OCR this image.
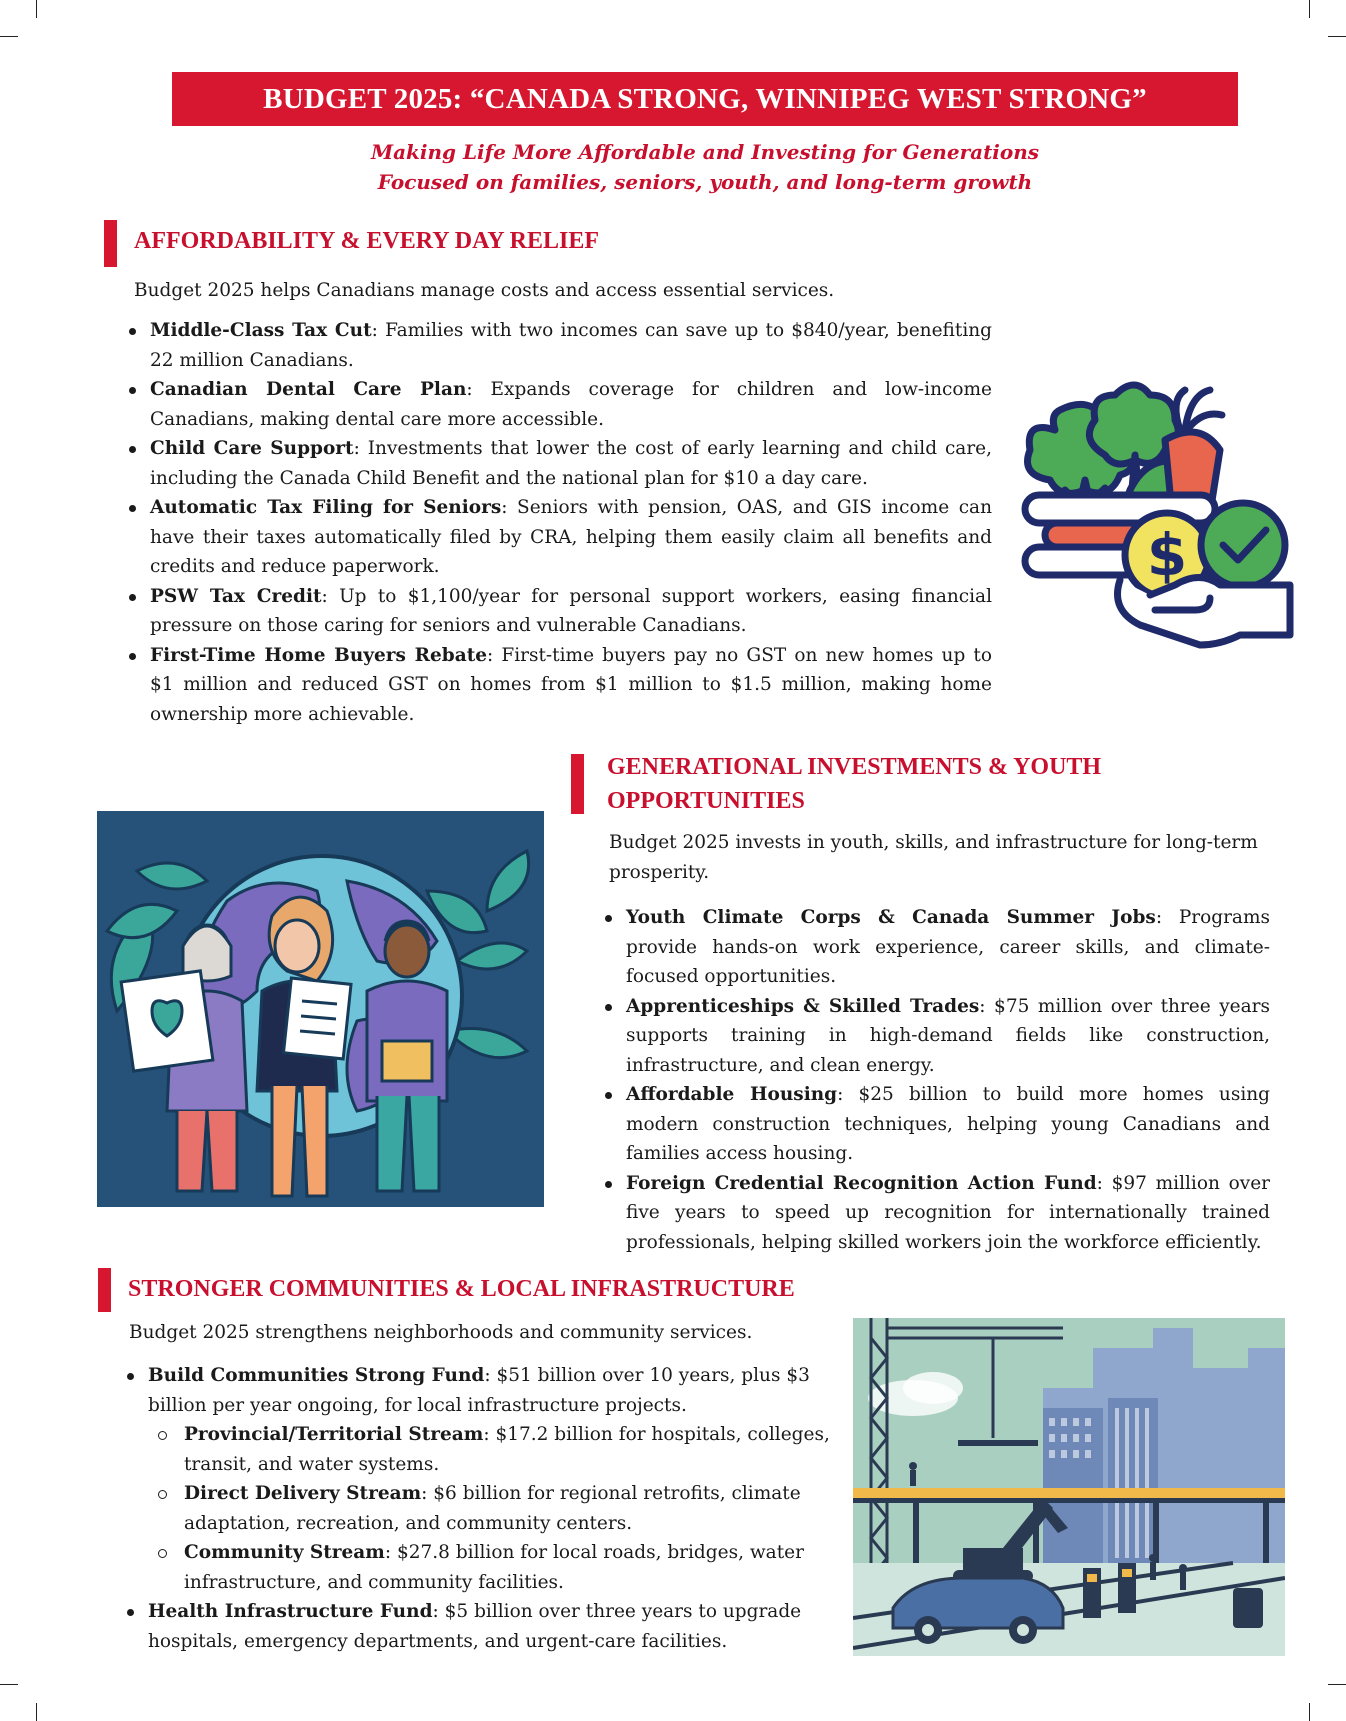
BUDGET 2025: “CANADA STRONG, WINNIPEG WEST STRONG”
Making Life More Affordable and Investing for Generations
Focused on families, seniors, youth, and long-term growth
AFFORDABILITY & EVERY DAY RELIEF
Budget 2025 helps Canadians manage costs and access essential services.
Middle-Class Tax Cut: Families with two incomes can save up to $840/year, benefiting 22 million Canadians.
Canadian Dental Care Plan: Expands coverage for children and low-income Canadians, making dental care more accessible.
Child Care Support: Investments that lower the cost of early learning and child care, including the Canada Child Benefit and the national plan for $10 a day care.
Automatic Tax Filing for Seniors: Seniors with pension, OAS, and GIS income can have their taxes automatically filed by CRA, helping them easily claim all benefits and credits and reduce paperwork.
PSW Tax Credit: Up to $1,100/year for personal support workers, easing financial pressure on those caring for seniors and vulnerable Canadians.
First-Time Home Buyers Rebate: First-time buyers pay no GST on new homes up to $1 million and reduced GST on homes from $1 million to $1.5 million, making home ownership more achievable.
$
GENERATIONAL INVESTMENTS & YOUTH
OPPORTUNITIES
Budget 2025 invests in youth, skills, and infrastructure for long-term prosperity.
Youth Climate Corps & Canada Summer Jobs: Programs provide hands-on work experience, career skills, and climate-focused opportunities.
Apprenticeships & Skilled Trades: $75 million over three years supports training in high-demand fields like construction, infrastructure, and clean energy.
Affordable Housing: $25 billion to build more homes using modern construction techniques, helping young Canadians and families access housing.
Foreign Credential Recognition Action Fund: $97 million over five years to speed up recognition for internationally trained professionals, helping skilled workers join the workforce efficiently.
STRONGER COMMUNITIES & LOCAL INFRASTRUCTURE
Budget 2025 strengthens neighborhoods and community services.
Build Communities Strong Fund: $51 billion over 10 years, plus $3 billion per year ongoing, for local infrastructure projects.
Provincial/Territorial Stream: $17.2 billion for hospitals, colleges, transit, and water systems.
Direct Delivery Stream: $6 billion for regional retrofits, climate adaptation, recreation, and community centers.
Community Stream: $27.8 billion for local roads, bridges, water infrastructure, and community facilities.
Health Infrastructure Fund: $5 billion over three years to upgrade hospitals, emergency departments, and urgent-care facilities.
